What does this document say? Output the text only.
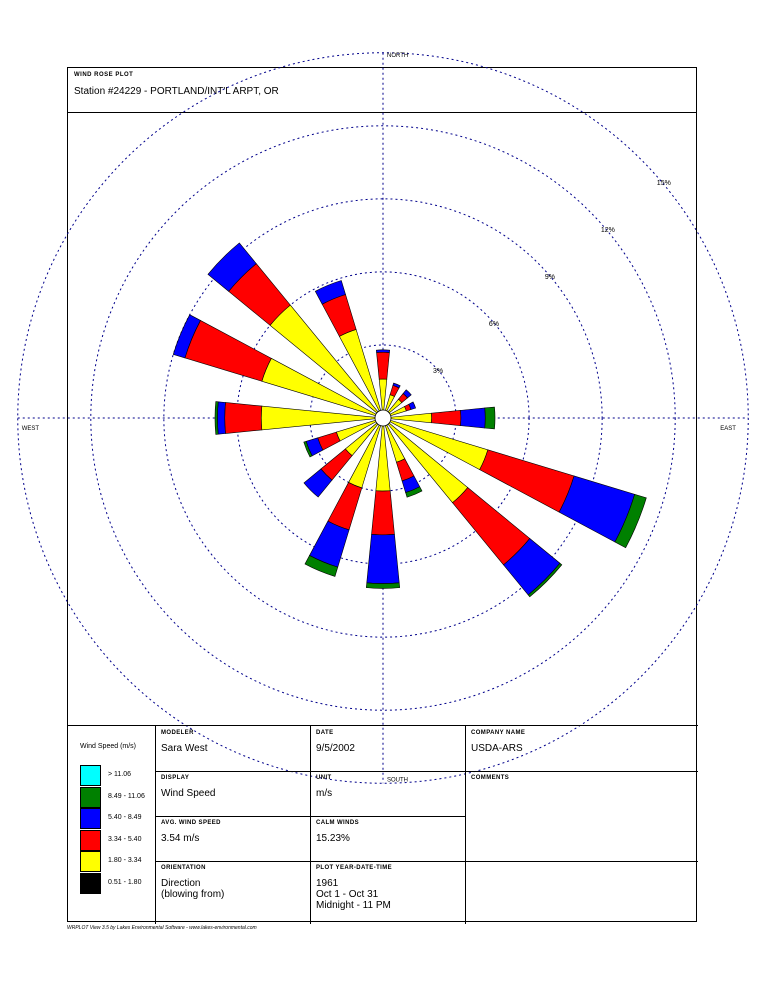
WIND ROSE PLOT
Station #24229 - PORTLAND/INT'L ARPT, OR
3%
6%
9%
12%
15%
NORTH
SOUTH
WEST	EAST
Wind Speed (m/s)
> 11.06
8.49 - 11.06
5.40 - 8.49
3.34 - 5.40
1.80 - 3.34
0.51 - 1.80
MODELER
Sara West
DISPLAY
Wind Speed
AVG. WIND SPEED
3.54 m/s
ORIENTATION
Direction
(blowing from)
DATE
9/5/2002
UNIT
m/s
CALM WINDS
15.23%
PLOT YEAR-DATE-TIME
1961
Oct 1 - Oct 31
Midnight - 11 PM
COMPANY NAME
USDA-ARS
COMMENTS
WRPLOT View 3.5 by Lakes Environmental Software - www.lakes-environmental.com
